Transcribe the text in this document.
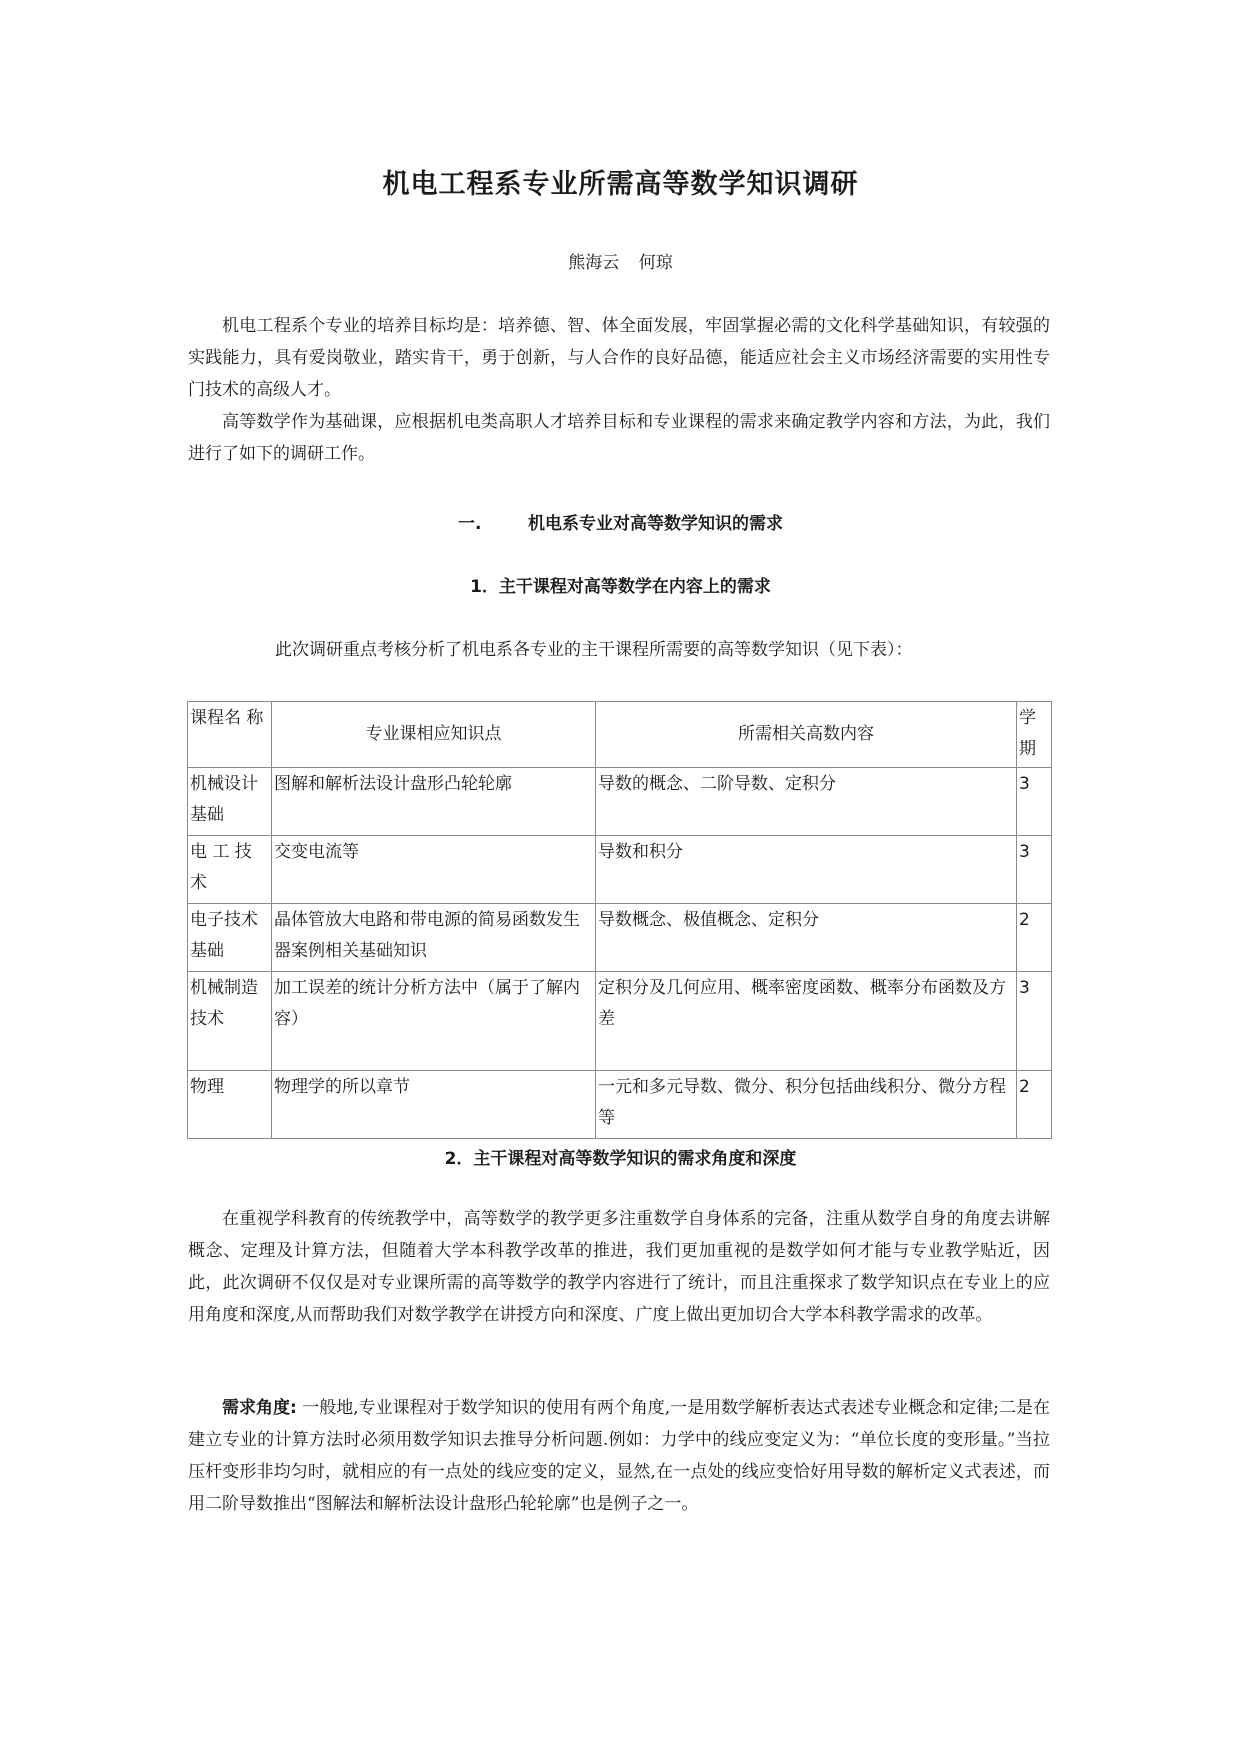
机电工程系专业所需高等数学知识调研
熊海云 何琼

机电工程系个专业的培养目标均是：培养德、智、体全面发展，牢固掌握必需的文化科学基础知识，有较强的实践能力，具有爱岗敬业，踏实肯干，勇于创新，与人合作的良好品德，能适应社会主义市场经济需要的实用性专门技术的高级人才。

高等数学作为基础课，应根据机电类高职人才培养目标和专业课程的需求来确定教学内容和方法，为此，我们进行了如下的调研工作。

一.	机电系专业对高等数学知识的需求
1．主干课程对高等数学在内容上的需求

此次调研重点考核分析了机电系各专业的主干课程所需要的高等数学知识（见下表）：

课程名 称	专业课相应知识点	所需相关高数内容	学期
机械设计基础	图解和解析法设计盘形凸轮轮廓	导数的概念、二阶导数、定积分	3
电 工 技 术	交变电流等	导数和积分	3
电子技术基础	晶体管放大电路和带电源的简易函数发生器案例相关基础知识	导数概念、极值概念、定积分	2
机械制造技术	加工误差的统计分析方法中（属于了解内容）	定积分及几何应用、概率密度函数、概率分布函数及方差	3
物理	物理学的所以章节	一元和多元导数、微分、积分包括曲线积分、微分方程等	2
2．主干课程对高等数学知识的需求角度和深度

在重视学科教育的传统教学中，高等数学的教学更多注重数学自身体系的完备，注重从数学自身的角度去讲解概念、定理及计算方法，但随着大学本科教学改革的推进，我们更加重视的是数学如何才能与专业教学贴近，因此，此次调研不仅仅是对专业课所需的高等数学的教学内容进行了统计，而且注重探求了数学知识点在专业上的应用角度和深度,从而帮助我们对数学教学在讲授方向和深度、广度上做出更加切合大学本科教学需求的改革。

需求角度: 一般地,专业课程对于数学知识的使用有两个角度,一是用数学解析表达式表述专业概念和定律;二是在建立专业的计算方法时必须用数学知识去推导分析问题.例如：力学中的线应变定义为：“单位长度的变形量。”当拉压杆变形非均匀时，就相应的有一点处的线应变的定义，显然,在一点处的线应变恰好用导数的解析定义式表述，而用二阶导数推出“图解法和解析法设计盘形凸轮轮廓”也是例子之一。
